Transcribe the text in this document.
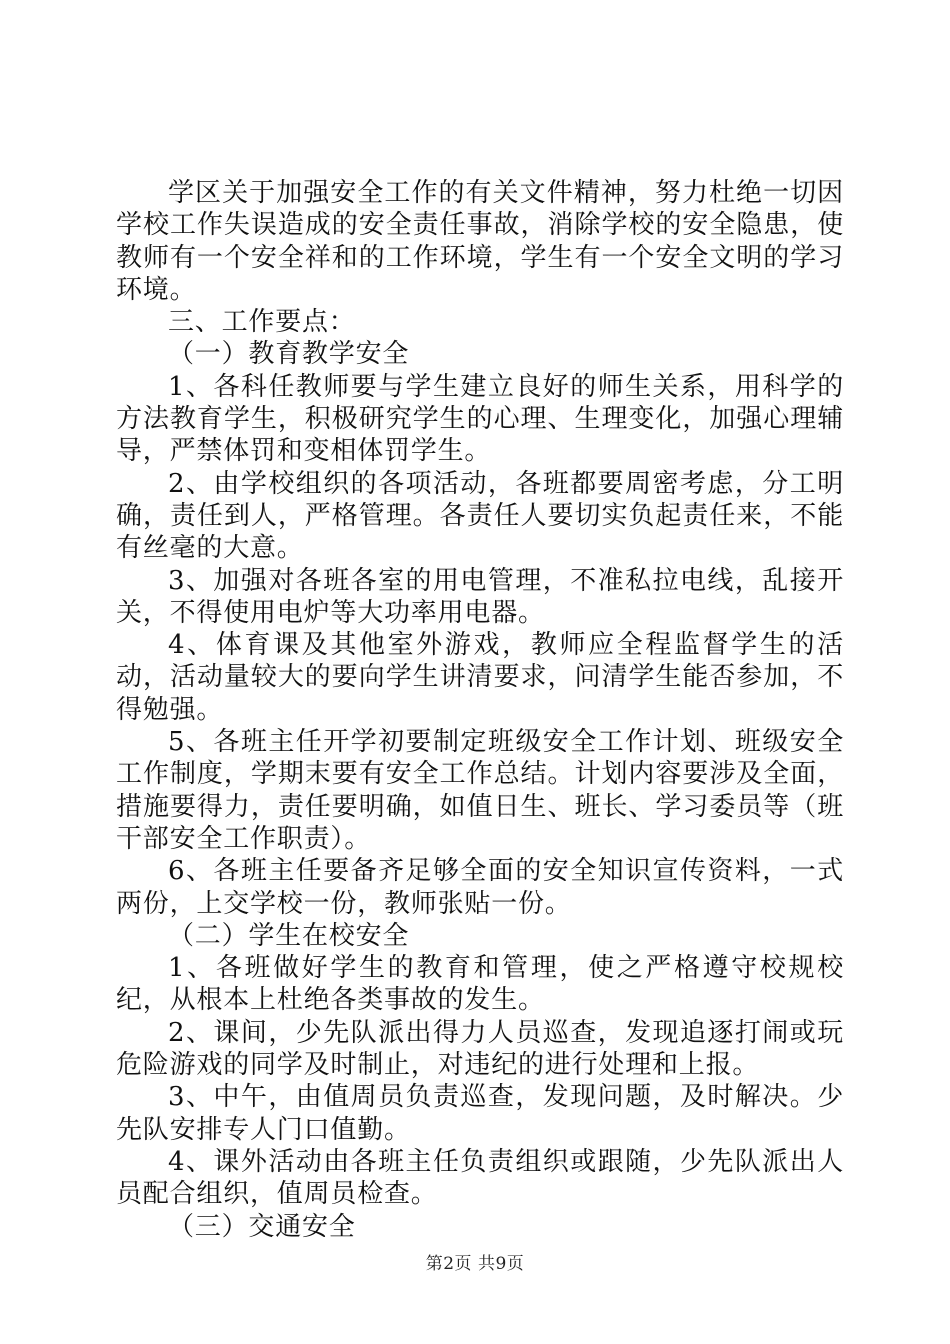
学区关于加强安全工作的有关文件精神，努力杜绝一切因学校工作失误造成的安全责任事故，消除学校的安全隐患，使教师有一个安全祥和的工作环境，学生有一个安全文明的学习环境。

三、工作要点：

（一）教育教学安全

1、各科任教师要与学生建立良好的师生关系，用科学的方法教育学生，积极研究学生的心理、生理变化，加强心理辅导，严禁体罚和变相体罚学生。

2、由学校组织的各项活动，各班都要周密考虑，分工明确，责任到人，严格管理。各责任人要切实负起责任来，不能有丝毫的大意。

3、加强对各班各室的用电管理，不准私拉电线，乱接开关，不得使用电炉等大功率用电器。

4、体育课及其他室外游戏，教师应全程监督学生的活动，活动量较大的要向学生讲清要求，问清学生能否参加，不得勉强。

5、各班主任开学初要制定班级安全工作计划、班级安全工作制度，学期末要有安全工作总结。计划内容要涉及全面，措施要得力，责任要明确，如值日生、班长、学习委员等（班干部安全工作职责）。

6、各班主任要备齐足够全面的安全知识宣传资料，一式两份，上交学校一份，教师张贴一份。

（二）学生在校安全

1、各班做好学生的教育和管理，使之严格遵守校规校纪，从根本上杜绝各类事故的发生。

2、课间，少先队派出得力人员巡查，发现追逐打闹或玩危险游戏的同学及时制止，对违纪的进行处理和上报。

3、中午，由值周员负责巡查，发现问题，及时解决。少先队安排专人门口值勤。

4、课外活动由各班主任负责组织或跟随，少先队派出人员配合组织，值周员检查。

（三）交通安全

第2页 共9页
